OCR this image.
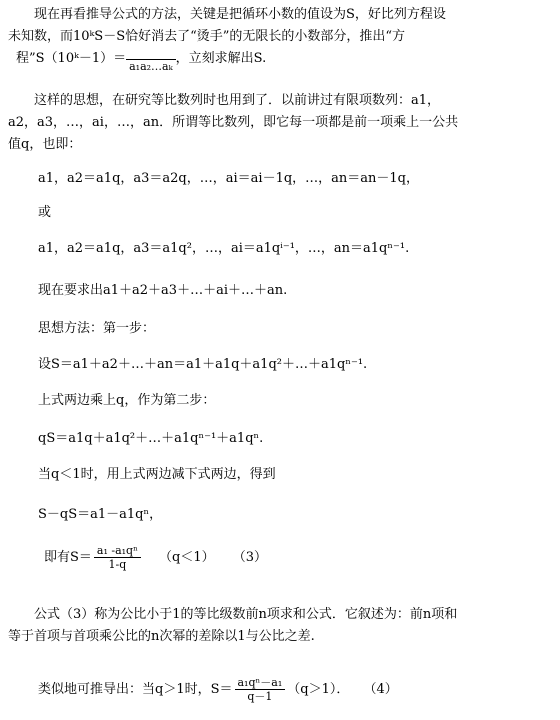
现在再看推导公式的方法，关键是把循环小数的值设为S，好比列方程设
未知数，而10ᵏS－S恰好消去了“烫手”的无限长的小数部分，推出“方
程”S（10ᵏ－1）＝a₁a₂…aₖ，立刻求解出S.
这样的思想，在研究等比数列时也用到了．以前讲过有限项数列：a1，
a2，a3，…，ai，…，an．所谓等比数列，即它每一项都是前一项乘上一公共
值q，也即：
a1，a2＝a1q，a3＝a2q，…，ai＝ai－1q，…，an＝an－1q，
或
a1，a2＝a1q，a3＝a1q²，…，ai＝a1qⁱ⁻¹，…，an＝a1qⁿ⁻¹.
现在要求出a1＋a2＋a3＋…＋ai＋…＋an.
思想方法：第一步：
设S＝a1＋a2＋…＋an＝a1＋a1q＋a1q²＋…＋a1qⁿ⁻¹.
上式两边乘上q，作为第二步：
qS＝a1q＋a1q²＋…＋a1qⁿ⁻¹＋a1qⁿ.
当q＜1时，用上式两边减下式两边，得到
S－qS＝a1－a1qⁿ，
即有$S= \frac{\text{a₁ -a₁qⁿ}}{1-q} (q<1)$ （3）
公式（3）称为公比小于1的等比级数前n项求和公式．它叙述为：前n项和
等于首项与首项乘公比的n次幂的差除以1与公比之差.
类似地可推导出：当q＞1时，$S= \frac{\text{a₁qⁿ－a₁}}{q-1} (q>1)$． （4）
